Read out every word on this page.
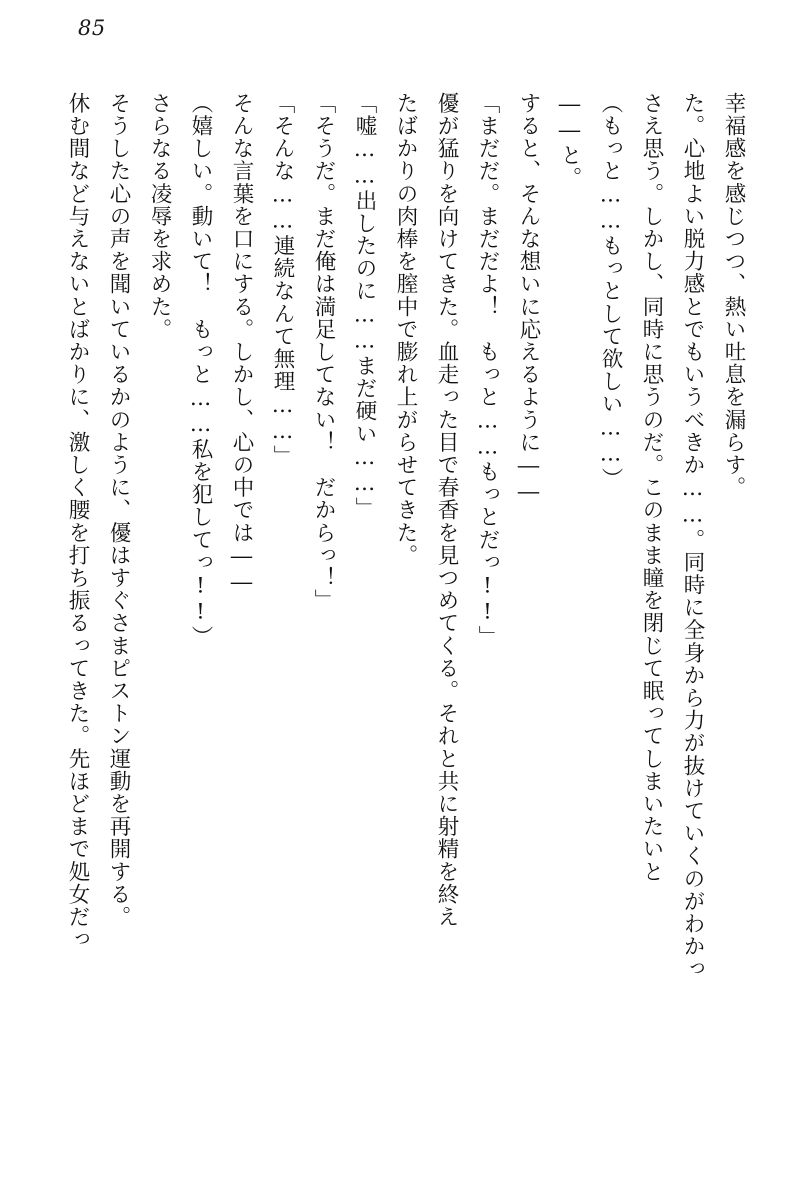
85

幸福感を感じつつ、熱い吐息を漏らす。

た。心地よい脱力感とでもいうべきか……。同時に全身から力が抜けていくのがわかっ

さえ思う。しかし、同時に思うのだ。このまま瞳を閉じて眠ってしまいたいと

（もっと……もっとして欲しい……）

――と。

すると、そんな想いに応えるように――

「まだだ。まだだよ！　もっと……もっとだっ!!」

優が猛りを向けてきた。血走った目で春香を見つめてくる。それと共に射精を終え

たばかりの肉棒を膣中で膨れ上がらせてきた。

「嘘……出したのに……まだ硬い……」

「そうだ。まだ俺は満足してない！　だからっ！」

「そんな……連続なんて無理……」

そんな言葉を口にする。しかし、心の中では――

（嬉しい。動いて！　もっと……私を犯してっ!!）

さらなる凌辱を求めた。

そうした心の声を聞いているかのように、優はすぐさまピストン運動を再開する。

休む間など与えないとばかりに、激しく腰を打ち振るってきた。先ほどまで処女だっ
